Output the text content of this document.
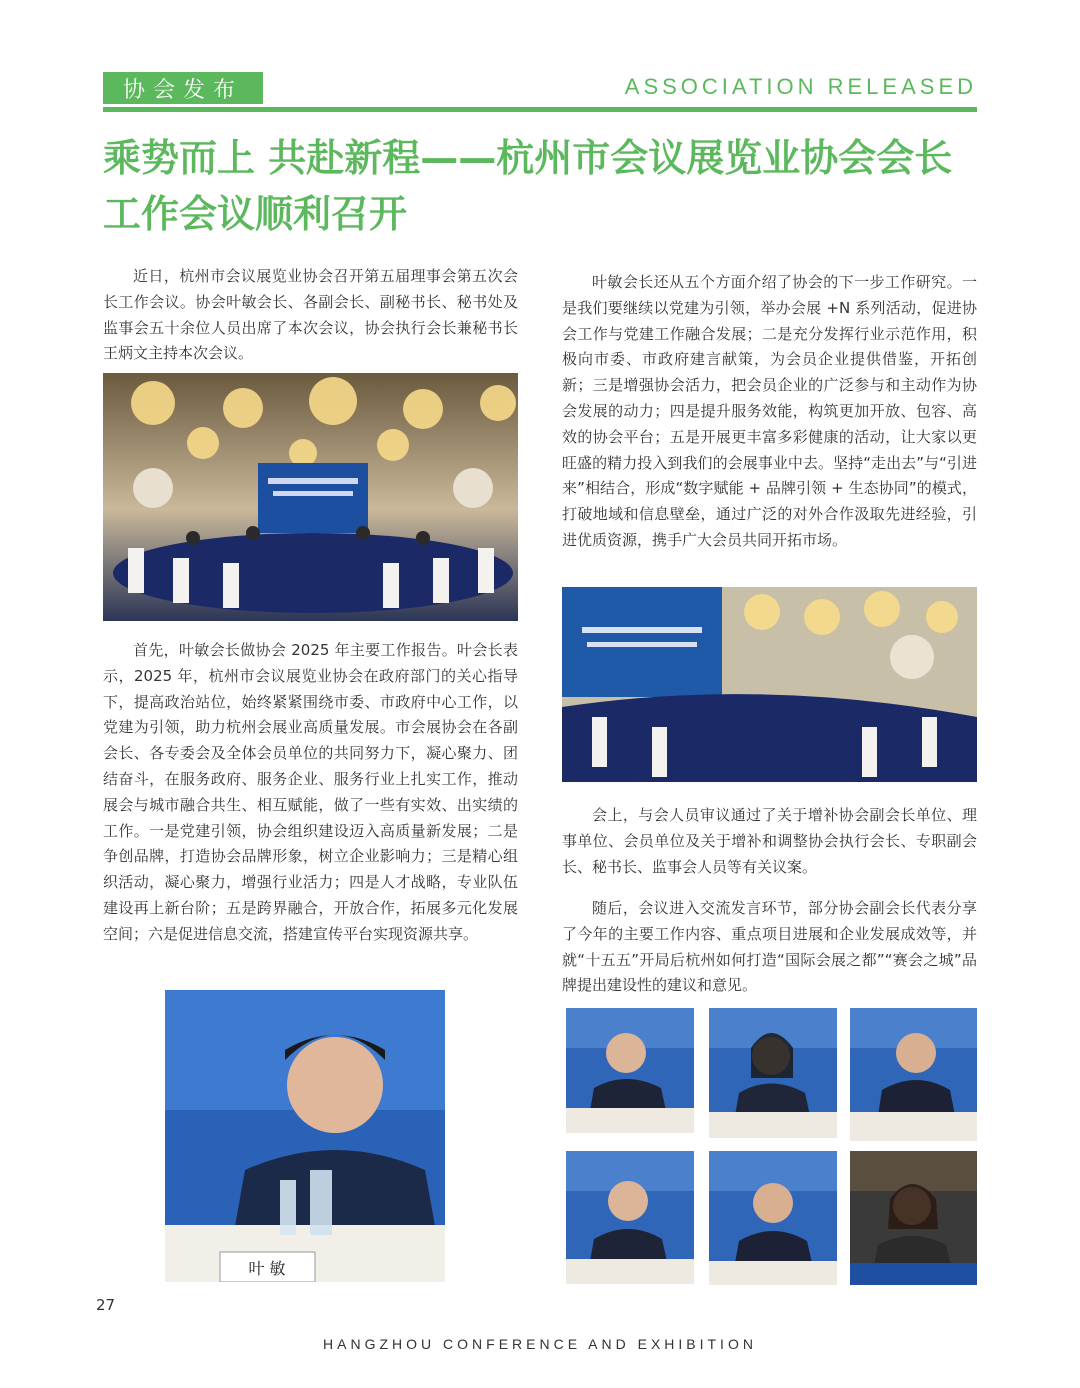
协会发布	ASSOCIATION RELEASED
乘势而上 共赴新程——杭州市会议展览业协会会长工作会议顺利召开

近日，杭州市会议展览业协会召开第五届理事会第五次会长工作会议。协会叶敏会长、各副会长、副秘书长、秘书处及监事会五十余位人员出席了本次会议，协会执行会长兼秘书长王炳文主持本次会议。

首先，叶敏会长做协会 2025 年主要工作报告。叶会长表示，2025 年，杭州市会议展览业协会在政府部门的关心指导下，提高政治站位，始终紧紧围绕市委、市政府中心工作，以党建为引领，助力杭州会展业高质量发展。市会展协会在各副会长、各专委会及全体会员单位的共同努力下，凝心聚力、团结奋斗，在服务政府、服务企业、服务行业上扎实工作，推动展会与城市融合共生、相互赋能，做了一些有实效、出实绩的工作。一是党建引领，协会组织建设迈入高质量新发展；二是争创品牌，打造协会品牌形象，树立企业影响力；三是精心组织活动，凝心聚力，增强行业活力；四是人才战略，专业队伍建设再上新台阶；五是跨界融合，开放合作，拓展多元化发展空间；六是促进信息交流，搭建宣传平台实现资源共享。

叶 敏

叶敏会长还从五个方面介绍了协会的下一步工作研究。一是我们要继续以党建为引领，举办会展 +N 系列活动，促进协会工作与党建工作融合发展；二是充分发挥行业示范作用，积极向市委、市政府建言献策，为会员企业提供借鉴，开拓创新；三是增强协会活力，把会员企业的广泛参与和主动作为协会发展的动力；四是提升服务效能，构筑更加开放、包容、高效的协会平台；五是开展更丰富多彩健康的活动，让大家以更旺盛的精力投入到我们的会展事业中去。坚持“走出去”与“引进来”相结合，形成“数字赋能 + 品牌引领 + 生态协同”的模式，打破地域和信息壁垒，通过广泛的对外合作汲取先进经验，引进优质资源，携手广大会员共同开拓市场。

会上，与会人员审议通过了关于增补协会副会长单位、理事单位、会员单位及关于增补和调整协会执行会长、专职副会长、秘书长、监事会人员等有关议案。

随后，会议进入交流发言环节，部分协会副会长代表分享了今年的主要工作内容、重点项目进展和企业发展成效等，并就“十五五”开局后杭州如何打造“国际会展之都”“赛会之城”品牌提出建设性的建议和意见。

27
HANGZHOU CONFERENCE AND EXHIBITION
